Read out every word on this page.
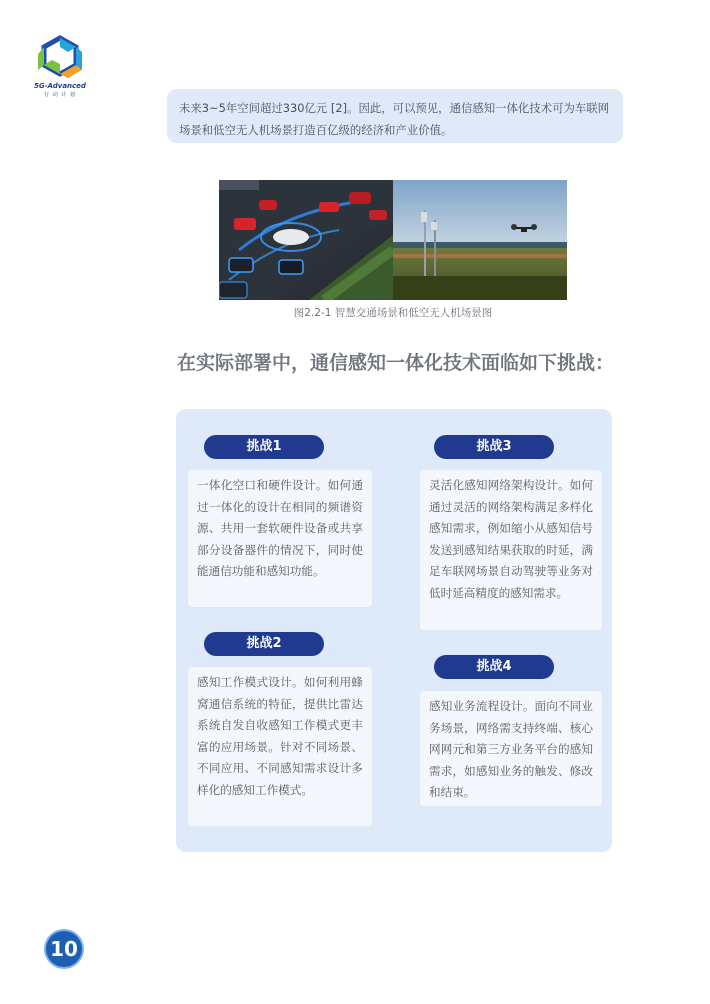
5G-Advanced
行 动 计 划
未来3~5年空间超过330亿元 [2]。因此，可以预见，通信感知一体化技术可为车联网场景和低空无人机场景打造百亿级的经济和产业价值。
图2.2-1 智慧交通场景和低空无人机场景图
在实际部署中，通信感知一体化技术面临如下挑战：
挑战1
一体化空口和硬件设计。如何通过一体化的设计在相同的频谱资源、共用一套软硬件设备或共享部分设备器件的情况下，同时使能通信功能和感知功能。
挑战2
感知工作模式设计。如何利用蜂窝通信系统的特征，提供比雷达系统自发自收感知工作模式更丰富的应用场景。针对不同场景、不同应用、不同感知需求设计多样化的感知工作模式。
挑战3
灵活化感知网络架构设计。如何通过灵活的网络架构满足多样化感知需求，例如缩小从感知信号发送到感知结果获取的时延，满足车联网场景自动驾驶等业务对低时延高精度的感知需求。
挑战4
感知业务流程设计。面向不同业务场景，网络需支持终端、核心网网元和第三方业务平台的感知需求，如感知业务的触发、修改和结束。
10
